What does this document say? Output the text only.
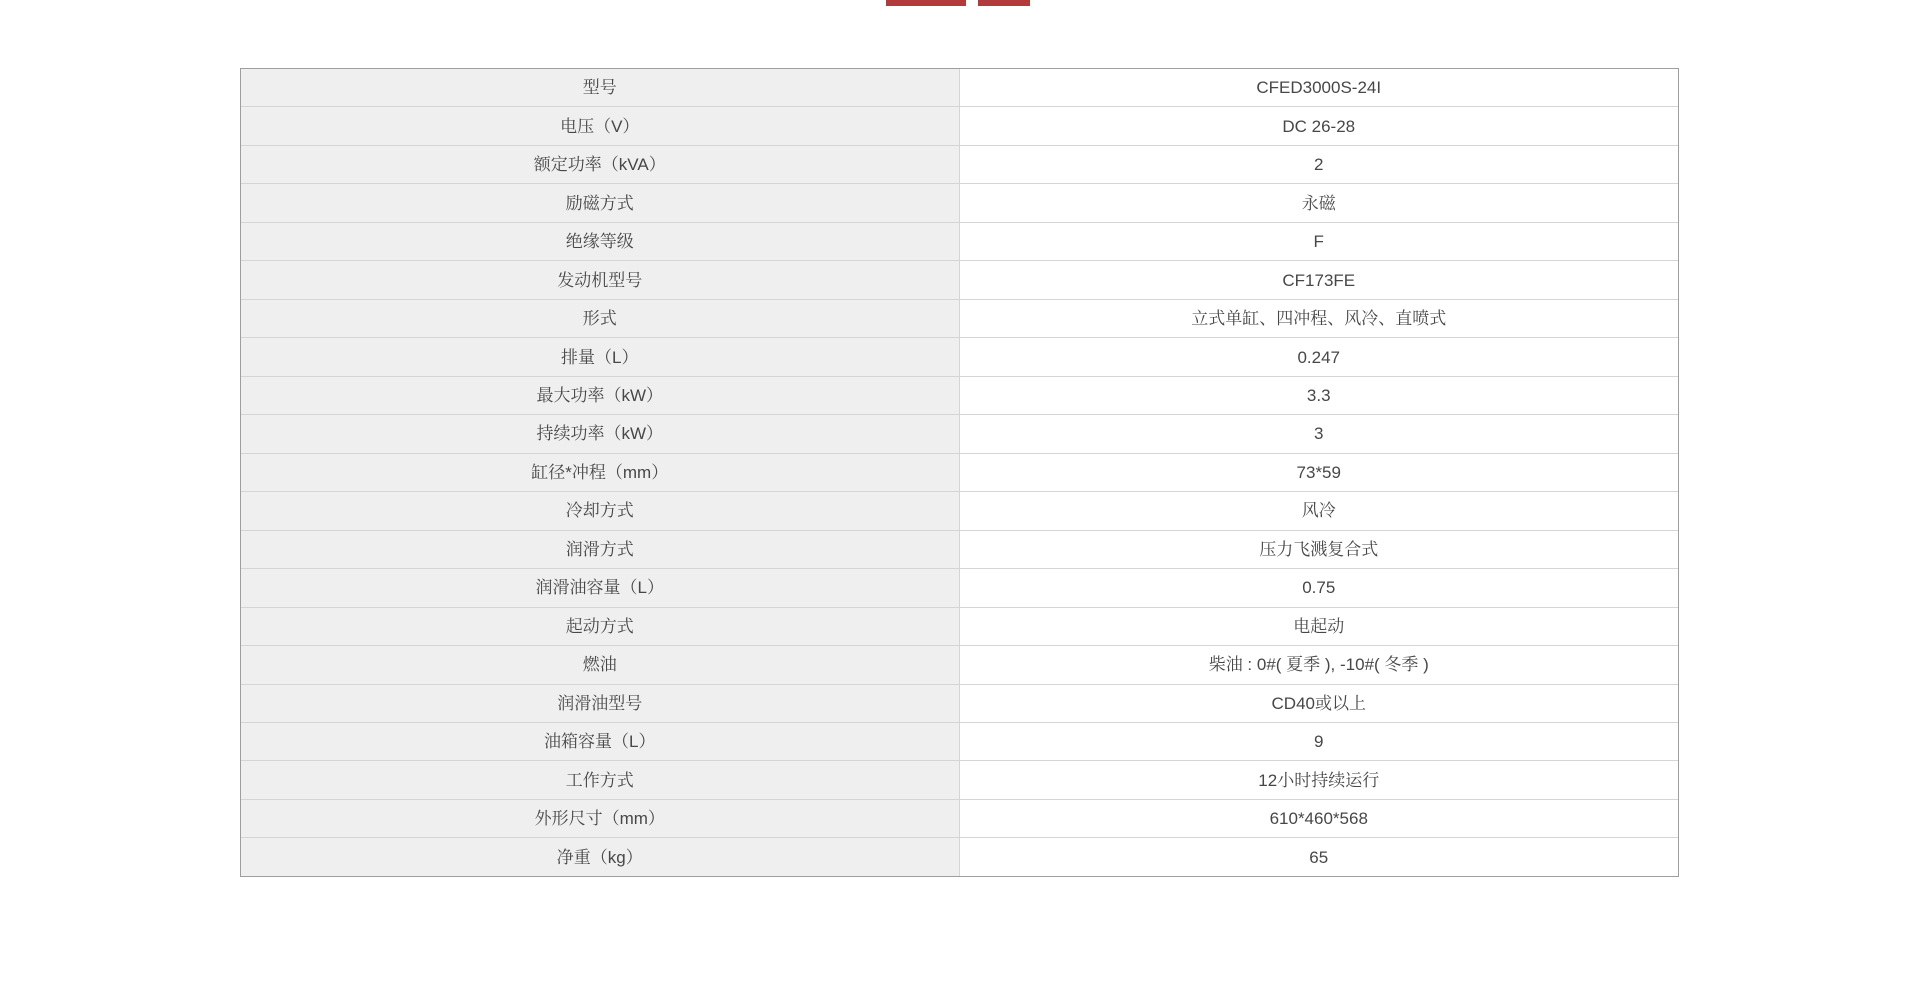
型号	CFED3000S-24I
电压（V）	DC 26-28
额定功率（kVA）	2
励磁方式	永磁
绝缘等级	F
发动机型号	CF173FE
形式	立式单缸、四冲程、风冷、直喷式
排量（L）	0.247
最大功率（kW）	3.3
持续功率（kW）	3
缸径*冲程（mm）	73*59
冷却方式	风冷
润滑方式	压力飞溅复合式
润滑油容量（L）	0.75
起动方式	电起动
燃油	柴油 : 0#( 夏季 ), -10#( 冬季 )
润滑油型号	CD40或以上
油箱容量（L）	9
工作方式	12小时持续运行
外形尺寸（mm）	610*460*568
净重（kg）	65
